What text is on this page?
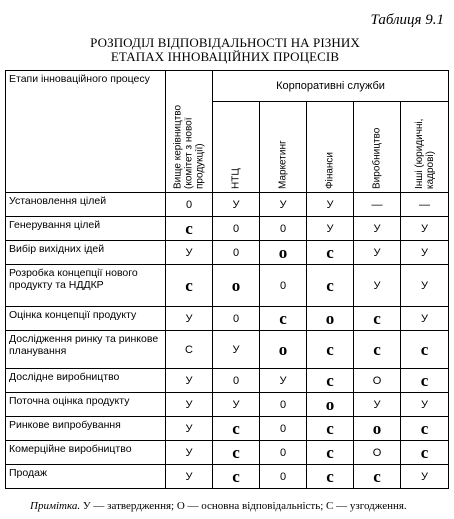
Таблиця 9.1
РОЗПОДІЛ ВІДПОВІДАЛЬНОСТІ НА РІЗНИХ
ЕТАПАХ ІННОВАЦІЙНИХ ПРОЦЕСІВ
Етапи інноваційного процесу	Вище керівництво (комітет з нової продукції)	Корпоративні служби				

		НТЦ	Маркетинг	Фінанси	Виробництво	Інші (юридичні, кадрові)

Установлення цілей	0	У	У	У	—	—
Генерування цілей	с	0	0	У	У	У
Вибір вихідних ідей	У	0	о	с	У	У
Розробка концепції нового продукту та НДДКР	с	о	0	с	У	У
Оцінка концепції продукту	У	0	с	о	с	У
Дослідження ринку та ринкове планування	С	У	о	с	с	с
Дослідне виробництво	У	0	У	с	О	с
Поточна оцінка продукту	У	У	0	о	У	У
Ринкове випробування	У	с	0	с	о	с
Комерційне виробництво	У	с	0	с	О	с
Продаж	У	с	0	с	с	У
Примітка. У — затвердження; О — основна відповідальність; С — узгодження.
